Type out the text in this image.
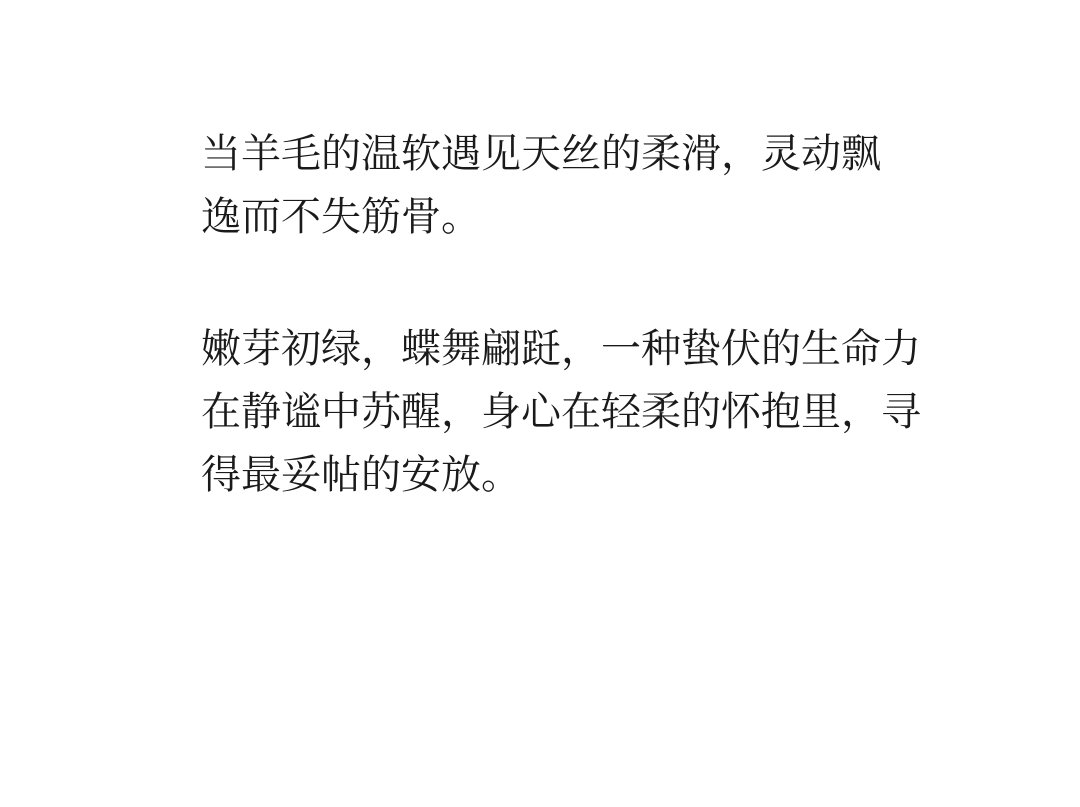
当羊毛的温软遇见天丝的柔滑，灵动飘
逸而不失筋骨。

嫩芽初绿，蝶舞翩跹，一种蛰伏的生命力
在静谧中苏醒，身心在轻柔的怀抱里，寻
得最妥帖的安放。
